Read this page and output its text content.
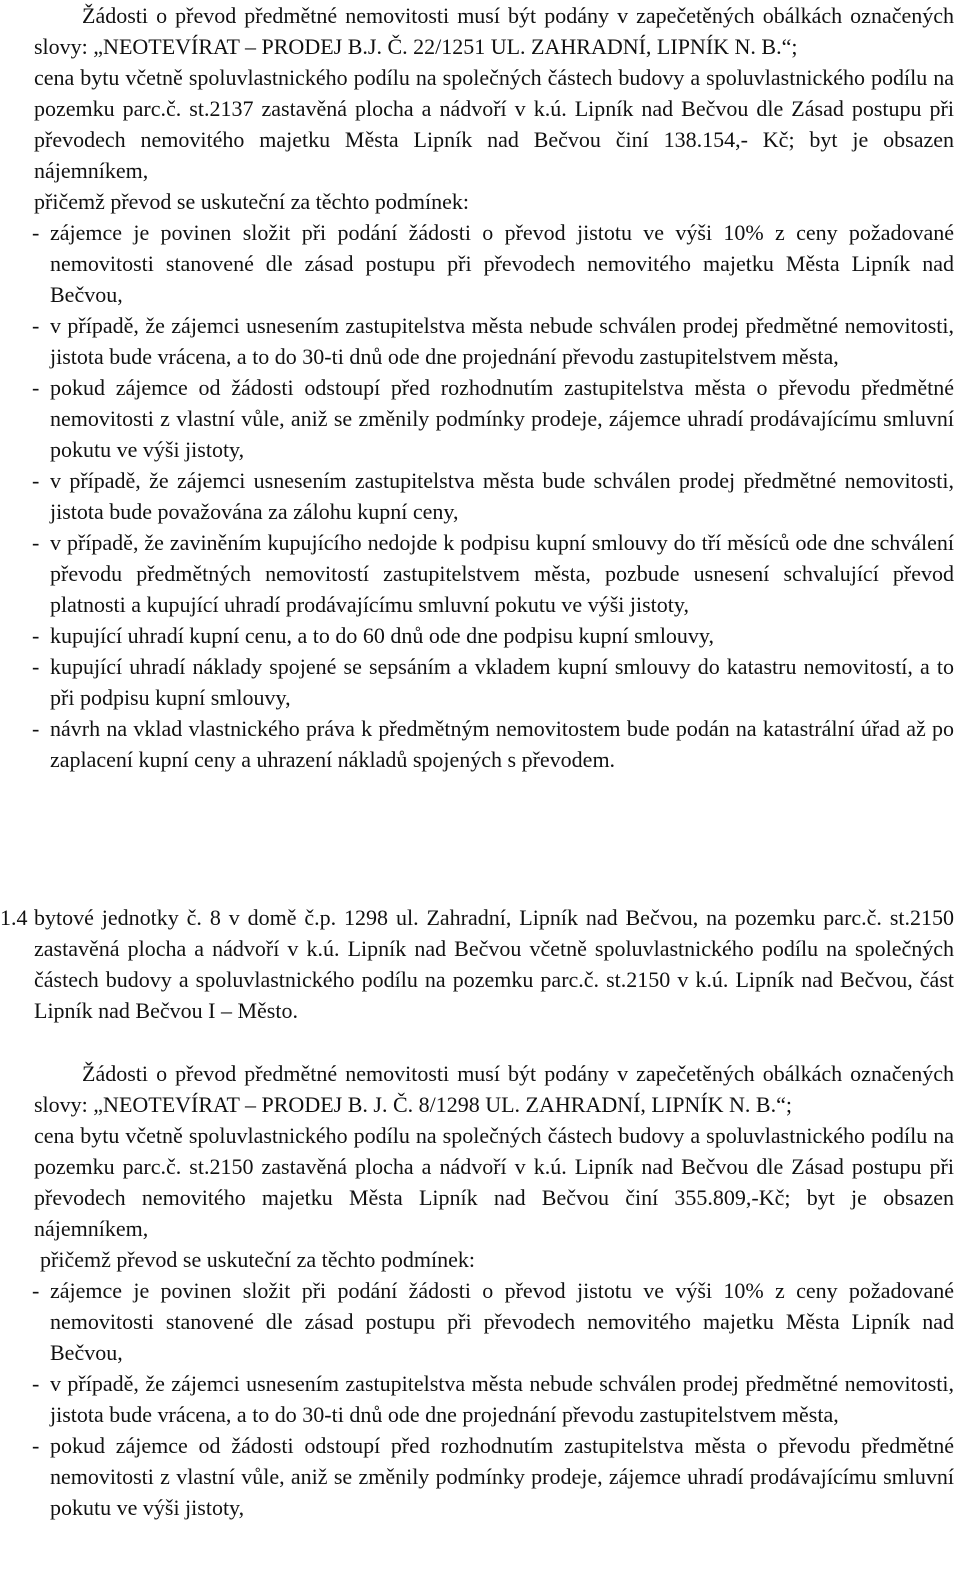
Žádosti o převod předmětné nemovitosti musí být podány v zapečetěných obálkách označených slovy: „NEOTEVÍRAT – PRODEJ B.J. Č. 22/1251 UL. ZAHRADNÍ, LIPNÍK N. B.“;

cena bytu včetně spoluvlastnického podílu na společných částech budovy a spoluvlastnického podílu na pozemku parc.č. st.2137 zastavěná plocha a nádvoří v k.ú. Lipník nad Bečvou dle Zásad postupu při převodech nemovitého majetku Města Lipník nad Bečvou činí 138.154,- Kč; byt je obsazen nájemníkem,

přičemž převod se uskuteční za těchto podmínek:

- zájemce je povinen složit při podání žádosti o převod jistotu ve výši 10% z ceny požadované nemovitosti stanovené dle zásad postupu při převodech nemovitého majetku Města Lipník nad Bečvou,
- v případě, že zájemci usnesením zastupitelstva města nebude schválen prodej předmětné nemovitosti, jistota bude vrácena, a to do 30-ti dnů ode dne projednání převodu zastupitelstvem města,
- pokud zájemce od žádosti odstoupí před rozhodnutím zastupitelstva města o převodu předmětné nemovitosti z vlastní vůle, aniž se změnily podmínky prodeje, zájemce uhradí prodávajícímu smluvní pokutu ve výši jistoty,
- v případě, že zájemci usnesením zastupitelstva města bude schválen prodej předmětné nemovitosti, jistota bude považována za zálohu kupní ceny,
- v případě, že zaviněním kupujícího nedojde k podpisu kupní smlouvy do tří měsíců ode dne schválení převodu předmětných nemovitostí zastupitelstvem města, pozbude usnesení schvalující převod platnosti a kupující uhradí prodávajícímu smluvní pokutu ve výši jistoty,
- kupující uhradí kupní cenu, a to do 60 dnů ode dne podpisu kupní smlouvy,
- kupující uhradí náklady spojené se sepsáním a vkladem kupní smlouvy do katastru nemovitostí, a to při podpisu kupní smlouvy,
- návrh na vklad vlastnického práva k předmětným nemovitostem bude podán na katastrální úřad až po zaplacení kupní ceny a uhrazení nákladů spojených s převodem.
1.4 bytové jednotky č. 8 v domě č.p. 1298 ul. Zahradní, Lipník nad Bečvou, na pozemku parc.č. st.2150 zastavěná plocha a nádvoří v k.ú. Lipník nad Bečvou včetně spoluvlastnického podílu na společných částech budovy a spoluvlastnického podílu na pozemku parc.č. st.2150 v k.ú. Lipník nad Bečvou, část Lipník nad Bečvou I – Město.

Žádosti o převod předmětné nemovitosti musí být podány v zapečetěných obálkách označených slovy: „NEOTEVÍRAT – PRODEJ B. J. Č. 8/1298 UL. ZAHRADNÍ, LIPNÍK N. B.“;

cena bytu včetně spoluvlastnického podílu na společných částech budovy a spoluvlastnického podílu na pozemku parc.č. st.2150 zastavěná plocha a nádvoří v k.ú. Lipník nad Bečvou dle Zásad postupu při převodech nemovitého majetku Města Lipník nad Bečvou činí 355.809,-Kč; byt je obsazen nájemníkem,

přičemž převod se uskuteční za těchto podmínek:

- zájemce je povinen složit při podání žádosti o převod jistotu ve výši 10% z ceny požadované nemovitosti stanovené dle zásad postupu při převodech nemovitého majetku Města Lipník nad Bečvou,
- v případě, že zájemci usnesením zastupitelstva města nebude schválen prodej předmětné nemovitosti, jistota bude vrácena, a to do 30-ti dnů ode dne projednání převodu zastupitelstvem města,
- pokud zájemce od žádosti odstoupí před rozhodnutím zastupitelstva města o převodu předmětné nemovitosti z vlastní vůle, aniž se změnily podmínky prodeje, zájemce uhradí prodávajícímu smluvní pokutu ve výši jistoty,
